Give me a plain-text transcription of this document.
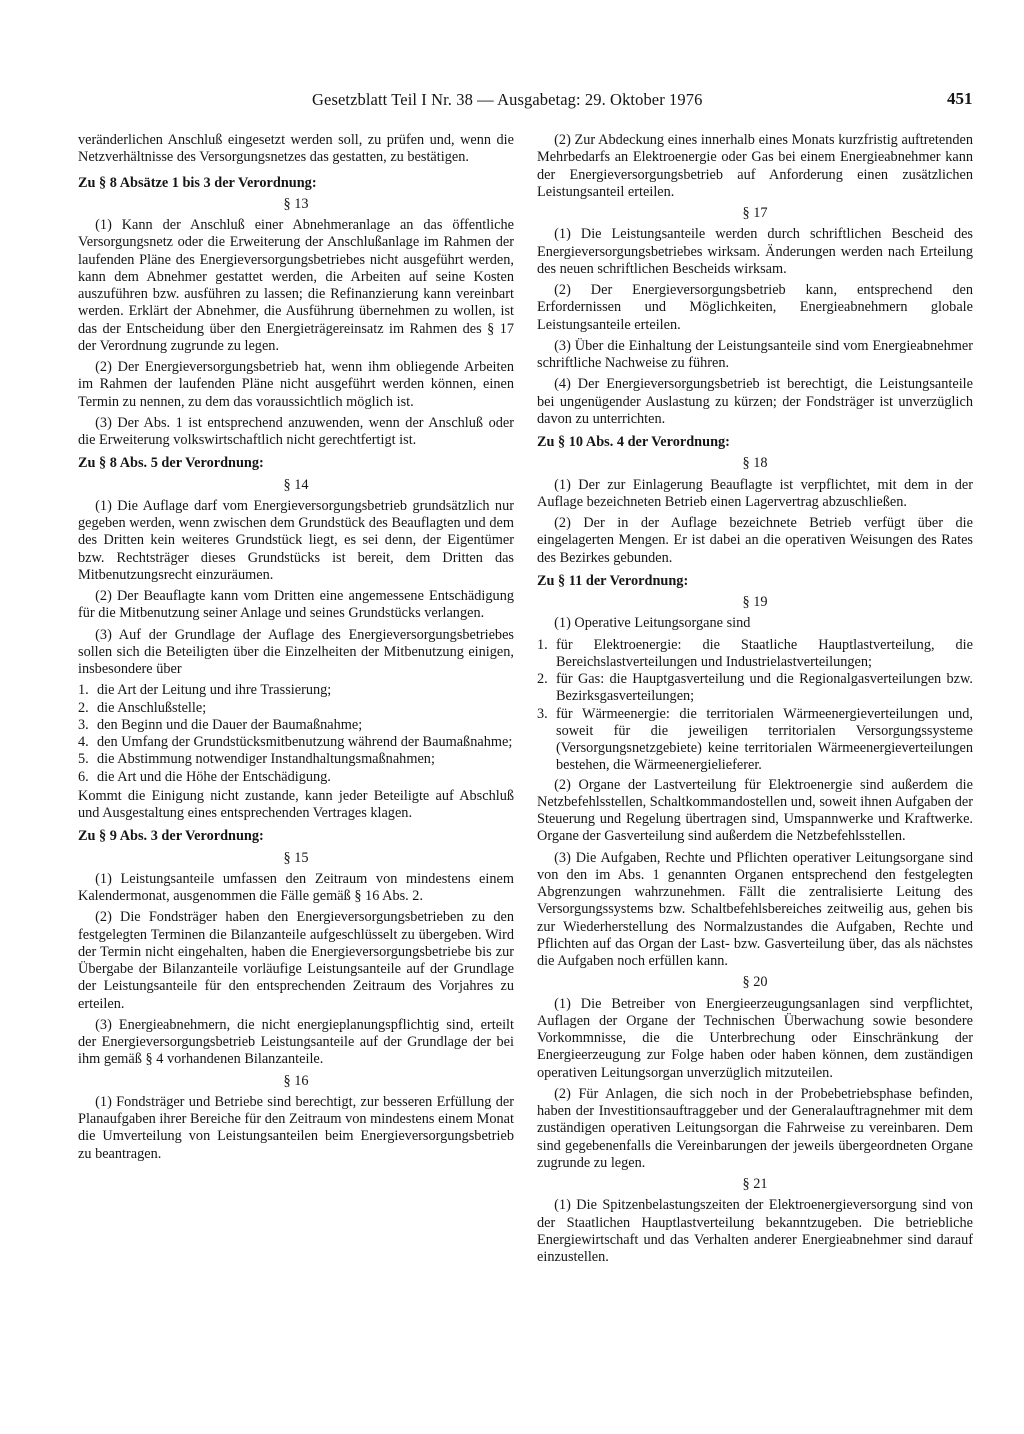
Gesetzblatt Teil I Nr. 38 — Ausgabetag: 29. Oktober 1976	451

veränderlichen Anschluß eingesetzt werden soll, zu prüfen und, wenn die Netzverhältnisse des Versorgungsnetzes das gestatten, zu bestätigen.

Zu § 8 Absätze 1 bis 3 der Verordnung:
§ 13

(1) Kann der Anschluß einer Abnehmeranlage an das öffentliche Versorgungsnetz oder die Erweiterung der Anschlußanlage im Rahmen der laufenden Pläne des Energieversorgungsbetriebes nicht ausgeführt werden, kann dem Abnehmer gestattet werden, die Arbeiten auf seine Kosten auszuführen bzw. ausführen zu lassen; die Refinanzierung kann vereinbart werden. Erklärt der Abnehmer, die Ausführung übernehmen zu wollen, ist das der Entscheidung über den Energieträgereinsatz im Rahmen des § 17 der Verordnung zugrunde zu legen.

(2) Der Energieversorgungsbetrieb hat, wenn ihm obliegende Arbeiten im Rahmen der laufenden Pläne nicht ausgeführt werden können, einen Termin zu nennen, zu dem das voraussichtlich möglich ist.

(3) Der Abs. 1 ist entsprechend anzuwenden, wenn der Anschluß oder die Erweiterung volkswirtschaftlich nicht gerechtfertigt ist.

Zu § 8 Abs. 5 der Verordnung:
§ 14

(1) Die Auflage darf vom Energieversorgungsbetrieb grundsätzlich nur gegeben werden, wenn zwischen dem Grundstück des Beauflagten und dem des Dritten kein weiteres Grundstück liegt, es sei denn, der Eigentümer bzw. Rechtsträger dieses Grundstücks ist bereit, dem Dritten das Mitbenutzungsrecht einzuräumen.

(2) Der Beauflagte kann vom Dritten eine angemessene Entschädigung für die Mitbenutzung seiner Anlage und seines Grundstücks verlangen.

(3) Auf der Grundlage der Auflage des Energieversorgungsbetriebes sollen sich die Beteiligten über die Einzelheiten der Mitbenutzung einigen, insbesondere über

1. die Art der Leitung und ihre Trassierung;
2. die Anschlußstelle;
3. den Beginn und die Dauer der Baumaßnahme;
4. den Umfang der Grundstücksmitbenutzung während der Baumaßnahme;
5. die Abstimmung notwendiger Instandhaltungsmaßnahmen;
6. die Art und die Höhe der Entschädigung.

Kommt die Einigung nicht zustande, kann jeder Beteiligte auf Abschluß und Ausgestaltung eines entsprechenden Vertrages klagen.

Zu § 9 Abs. 3 der Verordnung:
§ 15

(1) Leistungsanteile umfassen den Zeitraum von mindestens einem Kalendermonat, ausgenommen die Fälle gemäß § 16 Abs. 2.

(2) Die Fondsträger haben den Energieversorgungsbetrieben zu den festgelegten Terminen die Bilanzanteile aufgeschlüsselt zu übergeben. Wird der Termin nicht eingehalten, haben die Energieversorgungsbetriebe bis zur Übergabe der Bilanzanteile vorläufige Leistungsanteile auf der Grundlage der Leistungsanteile für den entsprechenden Zeitraum des Vorjahres zu erteilen.

(3) Energieabnehmern, die nicht energieplanungspflichtig sind, erteilt der Energieversorgungsbetrieb Leistungsanteile auf der Grundlage der bei ihm gemäß § 4 vorhandenen Bilanzanteile.

§ 16

(1) Fondsträger und Betriebe sind berechtigt, zur besseren Erfüllung der Planaufgaben ihrer Bereiche für den Zeitraum von mindestens einem Monat die Umverteilung von Leistungsanteilen beim Energieversorgungsbetrieb zu beantragen.

(2) Zur Abdeckung eines innerhalb eines Monats kurzfristig auftretenden Mehrbedarfs an Elektroenergie oder Gas bei einem Energieabnehmer kann der Energieversorgungsbetrieb auf Anforderung einen zusätzlichen Leistungsanteil erteilen.

§ 17

(1) Die Leistungsanteile werden durch schriftlichen Bescheid des Energieversorgungsbetriebes wirksam. Änderungen werden nach Erteilung des neuen schriftlichen Bescheids wirksam.

(2) Der Energieversorgungsbetrieb kann, entsprechend den Erfordernissen und Möglichkeiten, Energieabnehmern globale Leistungsanteile erteilen.

(3) Über die Einhaltung der Leistungsanteile sind vom Energieabnehmer schriftliche Nachweise zu führen.

(4) Der Energieversorgungsbetrieb ist berechtigt, die Leistungsanteile bei ungenügender Auslastung zu kürzen; der Fondsträger ist unverzüglich davon zu unterrichten.

Zu § 10 Abs. 4 der Verordnung:
§ 18

(1) Der zur Einlagerung Beauflagte ist verpflichtet, mit dem in der Auflage bezeichneten Betrieb einen Lagervertrag abzuschließen.

(2) Der in der Auflage bezeichnete Betrieb verfügt über die eingelagerten Mengen. Er ist dabei an die operativen Weisungen des Rates des Bezirkes gebunden.

Zu § 11 der Verordnung:
§ 19

(1) Operative Leitungsorgane sind

1. für Elektroenergie: die Staatliche Hauptlastverteilung, die Bereichslastverteilungen und Industrielastverteilungen;
2. für Gas: die Hauptgasverteilung und die Regionalgasverteilungen bzw. Bezirksgasverteilungen;
3. für Wärmeenergie: die territorialen Wärmeenergieverteilungen und, soweit für die jeweiligen territorialen Versorgungssysteme (Versorgungsnetzgebiete) keine territorialen Wärmeenergieverteilungen bestehen, die Wärmeenergielieferer.

(2) Organe der Lastverteilung für Elektroenergie sind außerdem die Netzbefehlsstellen, Schaltkommandostellen und, soweit ihnen Aufgaben der Steuerung und Regelung übertragen sind, Umspannwerke und Kraftwerke. Organe der Gasverteilung sind außerdem die Netzbefehlsstellen.

(3) Die Aufgaben, Rechte und Pflichten operativer Leitungsorgane sind von den im Abs. 1 genannten Organen entsprechend den festgelegten Abgrenzungen wahrzunehmen. Fällt die zentralisierte Leitung des Versorgungssystems bzw. Schaltbefehlsbereiches zeitweilig aus, gehen bis zur Wiederherstellung des Normalzustandes die Aufgaben, Rechte und Pflichten auf das Organ der Last- bzw. Gasverteilung über, das als nächstes die Aufgaben noch erfüllen kann.

§ 20

(1) Die Betreiber von Energieerzeugungsanlagen sind verpflichtet, Auflagen der Organe der Technischen Überwachung sowie besondere Vorkommnisse, die die Unterbrechung oder Einschränkung der Energieerzeugung zur Folge haben oder haben können, dem zuständigen operativen Leitungsorgan unverzüglich mitzuteilen.

(2) Für Anlagen, die sich noch in der Probebetriebsphase befinden, haben der Investitionsauftraggeber und der Generalauftragnehmer mit dem zuständigen operativen Leitungsorgan die Fahrweise zu vereinbaren. Dem sind gegebenenfalls die Vereinbarungen der jeweils übergeordneten Organe zugrunde zu legen.

§ 21

(1) Die Spitzenbelastungszeiten der Elektroenergieversorgung sind von der Staatlichen Hauptlastverteilung bekanntzugeben. Die betriebliche Energiewirtschaft und das Verhalten anderer Energieabnehmer sind darauf einzustellen.
